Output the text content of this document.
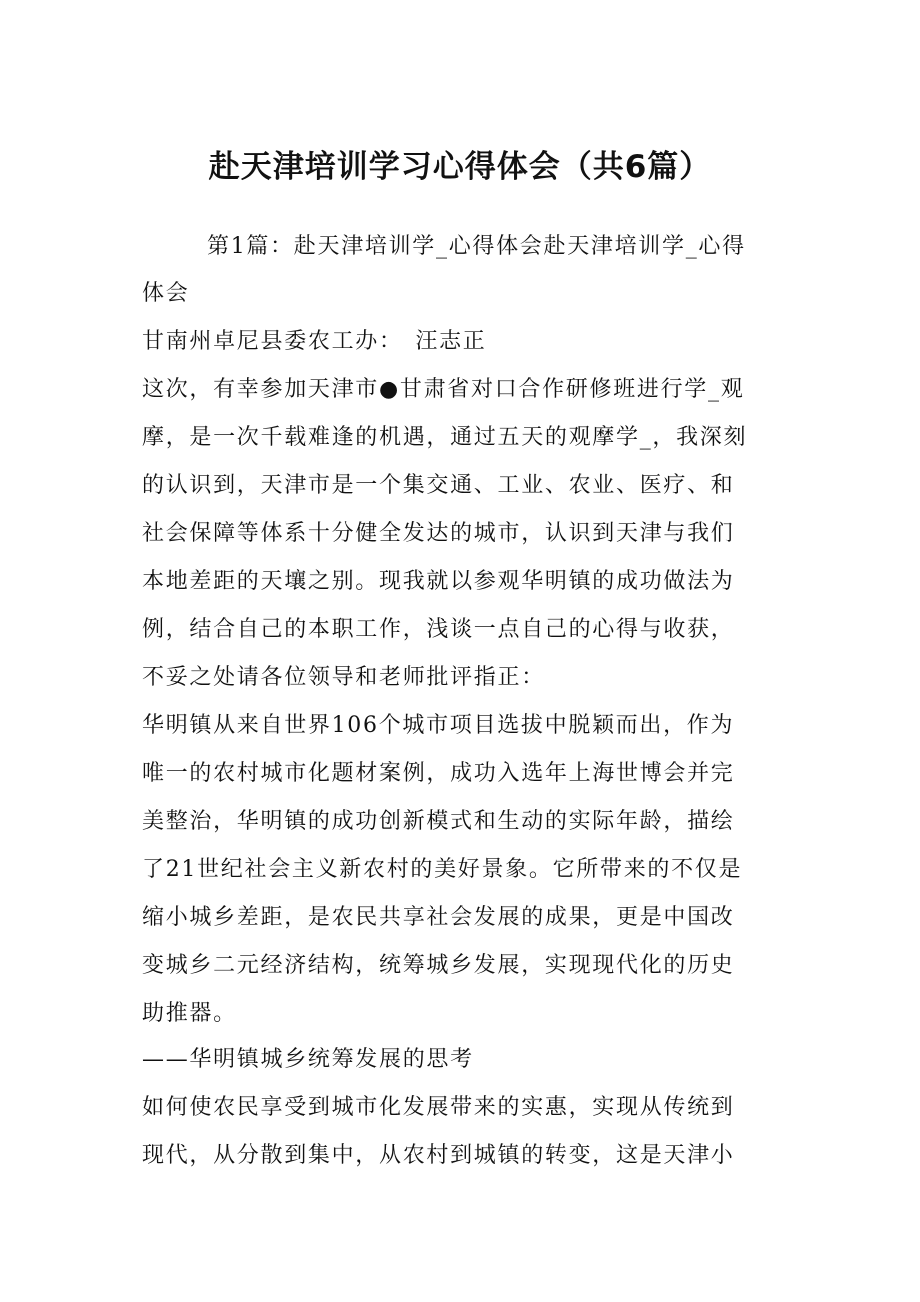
赴天津培训学习心得体会（共6篇）
第1篇：赴天津培训学_心得体会赴天津培训学_心得
体会
甘南州卓尼县委农工办：　汪志正
这次，有幸参加天津市●甘肃省对口合作研修班进行学_观
摩，是一次千载难逢的机遇，通过五天的观摩学_，我深刻
的认识到，天津市是一个集交通、工业、农业、医疗、和
社会保障等体系十分健全发达的城市，认识到天津与我们
本地差距的天壤之别。现我就以参观华明镇的成功做法为
例，结合自己的本职工作，浅谈一点自己的心得与收获，
不妥之处请各位领导和老师批评指正：
华明镇从来自世界106个城市项目选拔中脱颖而出，作为
唯一的农村城市化题材案例，成功入选年上海世博会并完
美整治，华明镇的成功创新模式和生动的实际年龄，描绘
了21世纪社会主义新农村的美好景象。它所带来的不仅是
缩小城乡差距，是农民共享社会发展的成果，更是中国改
变城乡二元经济结构，统筹城乡发展，实现现代化的历史
助推器。
——华明镇城乡统筹发展的思考
如何使农民享受到城市化发展带来的实惠，实现从传统到
现代，从分散到集中，从农村到城镇的转变，这是天津小
